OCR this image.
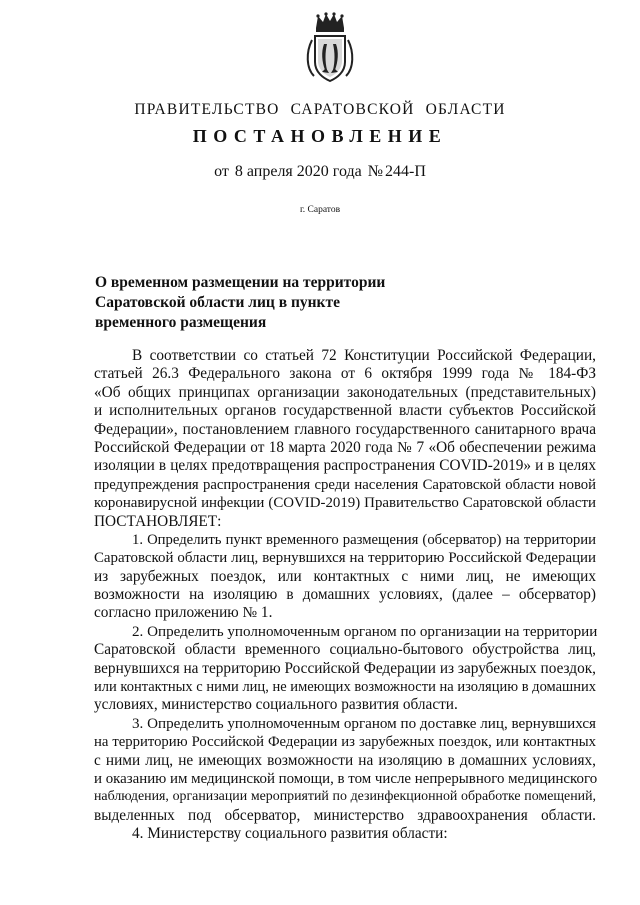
ПРАВИТЕЛЬСТВО САРАТОВСКОЙ ОБЛАСТИ
ПОСТАНОВЛЕНИЕ
от 8 апреля 2020 года № 244-П
г. Саратов
О временном размещении на территории
Саратовской области лиц в пункте
временного размещения
В соответствии со статьей 72 Конституции Российской Федерации,
статьей 26.3 Федерального закона от 6 октября 1999 года № 184-ФЗ
«Об общих принципах организации законодательных (представительных)
и исполнительных органов государственной власти субъектов Российской
Федерации», постановлением главного государственного санитарного врача
Российской Федерации от 18 марта 2020 года № 7 «Об обеспечении режима
изоляции в целях предотвращения распространения COVID-2019» и в целях
предупреждения распространения среди населения Саратовской области новой
коронавирусной инфекции (COVID-2019) Правительство Саратовской области
ПОСТАНОВЛЯЕТ:
1. Определить пункт временного размещения (обсерватор) на территории
Саратовской области лиц, вернувшихся на территорию Российской Федерации
из зарубежных поездок, или контактных с ними лиц, не имеющих
возможности на изоляцию в домашних условиях, (далее – обсерватор)
согласно приложению № 1.
2. Определить уполномоченным органом по организации на территории
Саратовской области временного социально-бытового обустройства лиц,
вернувшихся на территорию Российской Федерации из зарубежных поездок,
или контактных с ними лиц, не имеющих возможности на изоляцию в домашних
условиях, министерство социального развития области.
3. Определить уполномоченным органом по доставке лиц, вернувшихся
на территорию Российской Федерации из зарубежных поездок, или контактных
с ними лиц, не имеющих возможности на изоляцию в домашних условиях,
и оказанию им медицинской помощи, в том числе непрерывного медицинского
наблюдения, организации мероприятий по дезинфекционной обработке помещений,
выделенных под обсерватор, министерство здравоохранения области.
4. Министерству социального развития области:
